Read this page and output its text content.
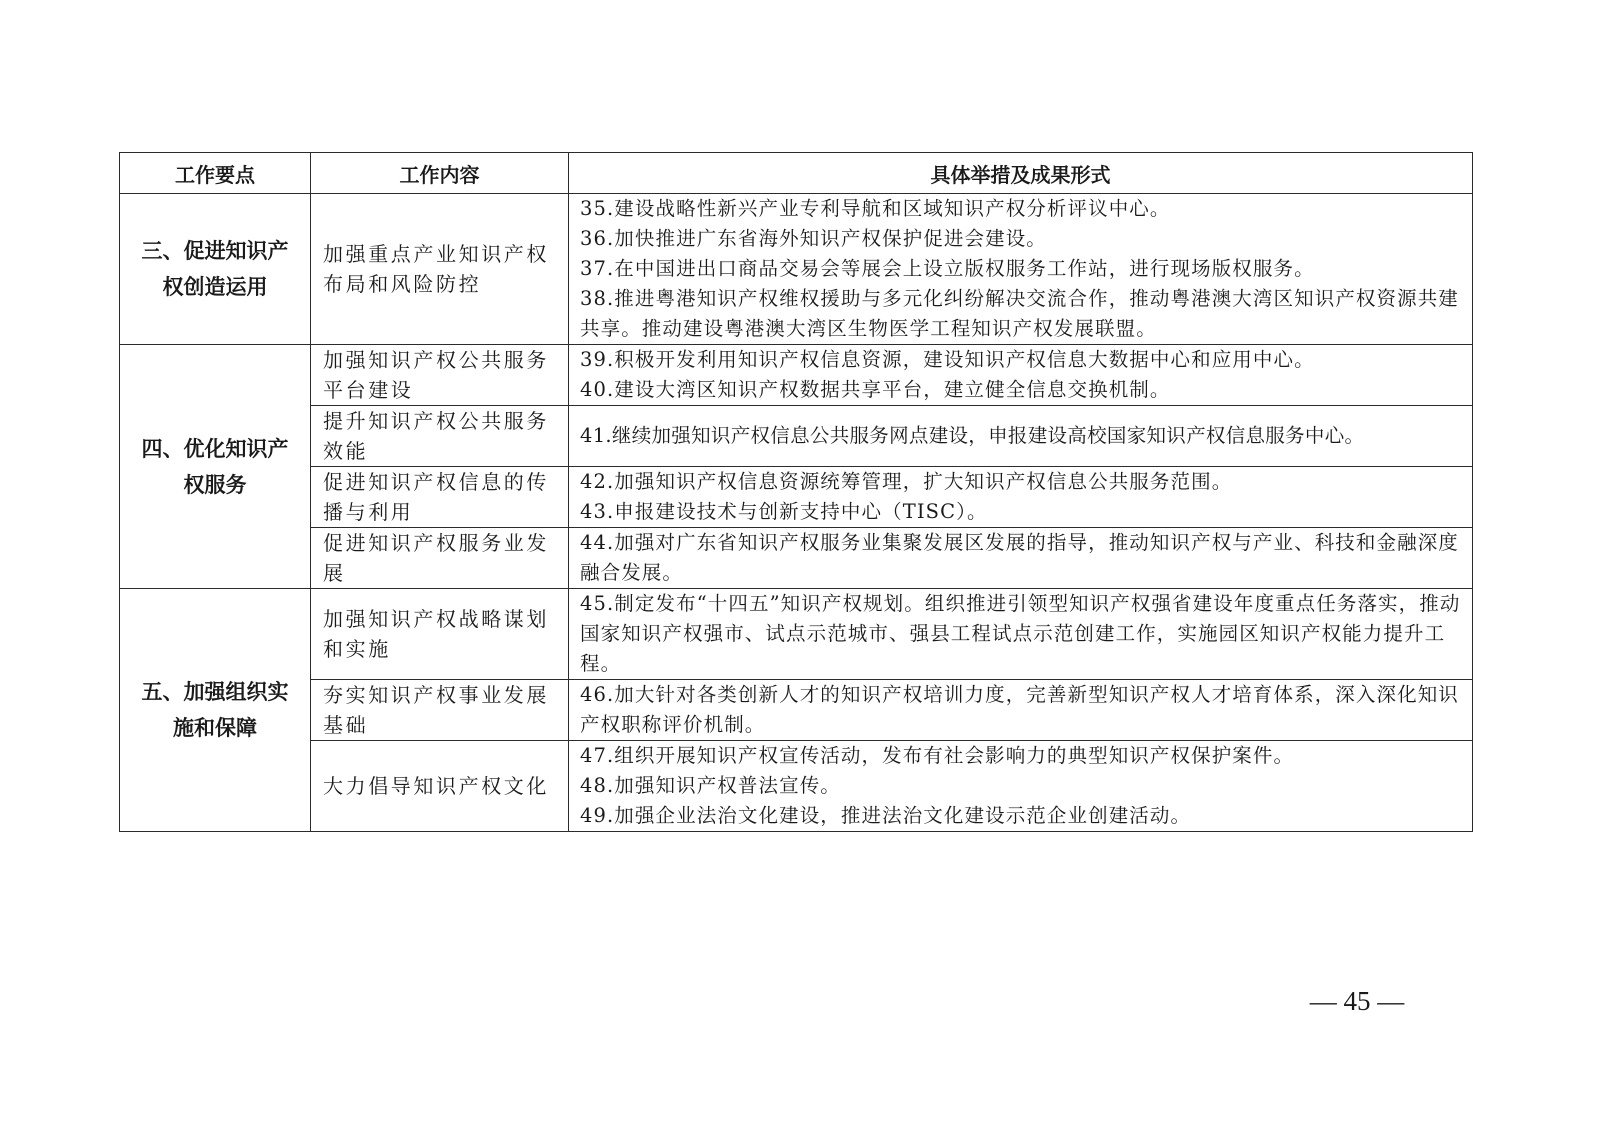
工作要点	工作内容	具体举措及成果形式

三、促进知识产
权创造运用	加强重点产业知识产权布局和风险防控	35.建设战略性新兴产业专利导航和区域知识产权分析评议中心。
36.加快推进广东省海外知识产权保护促进会建设。
37.在中国进出口商品交易会等展会上设立版权服务工作站，进行现场版权服务。
38.推进粤港知识产权维权援助与多元化纠纷解决交流合作，推动粤港澳大湾区知识产权资源共建共享。推动建设粤港澳大湾区生物医学工程知识产权发展联盟。

四、优化知识产
权服务	加强知识产权公共服务平台建设	39.积极开发利用知识产权信息资源，建设知识产权信息大数据中心和应用中心。
40.建设大湾区知识产权数据共享平台，建立健全信息交换机制。

	提升知识产权公共服务效能	41.继续加强知识产权信息公共服务网点建设，申报建设高校国家知识产权信息服务中心。

	促进知识产权信息的传播与利用	42.加强知识产权信息资源统筹管理，扩大知识产权信息公共服务范围。
43.申报建设技术与创新支持中心（TISC）。

	促进知识产权服务业发展	44.加强对广东省知识产权服务业集聚发展区发展的指导，推动知识产权与产业、科技和金融深度融合发展。

五、加强组织实
施和保障	加强知识产权战略谋划和实施	45.制定发布“十四五”知识产权规划。组织推进引领型知识产权强省建设年度重点任务落实，推动国家知识产权强市、试点示范城市、强县工程试点示范创建工作，实施园区知识产权能力提升工程。

	夯实知识产权事业发展基础	46.加大针对各类创新人才的知识产权培训力度，完善新型知识产权人才培育体系，深入深化知识产权职称评价机制。

	大力倡导知识产权文化	47.组织开展知识产权宣传活动，发布有社会影响力的典型知识产权保护案件。
48.加强知识产权普法宣传。
49.加强企业法治文化建设，推进法治文化建设示范企业创建活动。
— 45 —
